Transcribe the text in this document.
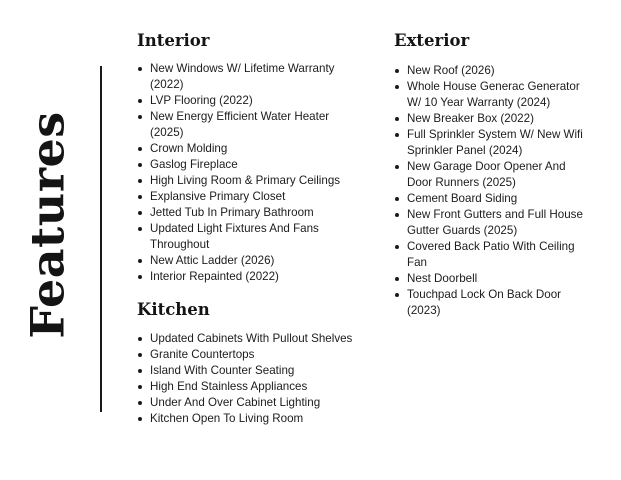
Features
Interior
New Windows W/ Lifetime Warranty (2022)
LVP Flooring (2022)
New Energy Efficient Water Heater (2025)
Crown Molding
Gaslog Fireplace
High Living Room & Primary Ceilings
Explansive Primary Closet
Jetted Tub In Primary Bathroom
Updated Light Fixtures And Fans Throughout
New Attic Ladder (2026)
Interior Repainted (2022)
Kitchen
Updated Cabinets With Pullout Shelves
Granite Countertops
Island With Counter Seating
High End Stainless Appliances
Under And Over Cabinet Lighting
Kitchen Open To Living Room
Exterior
New Roof (2026)
Whole House Generac Generator W/ 10 Year Warranty (2024)
New Breaker Box (2022)
Full Sprinkler System W/ New Wifi Sprinkler Panel (2024)
New Garage Door Opener And Door Runners (2025)
Cement Board Siding
New Front Gutters and Full House Gutter Guards (2025)
Covered Back Patio With Ceiling Fan
Nest Doorbell
Touchpad Lock On Back Door (2023)
